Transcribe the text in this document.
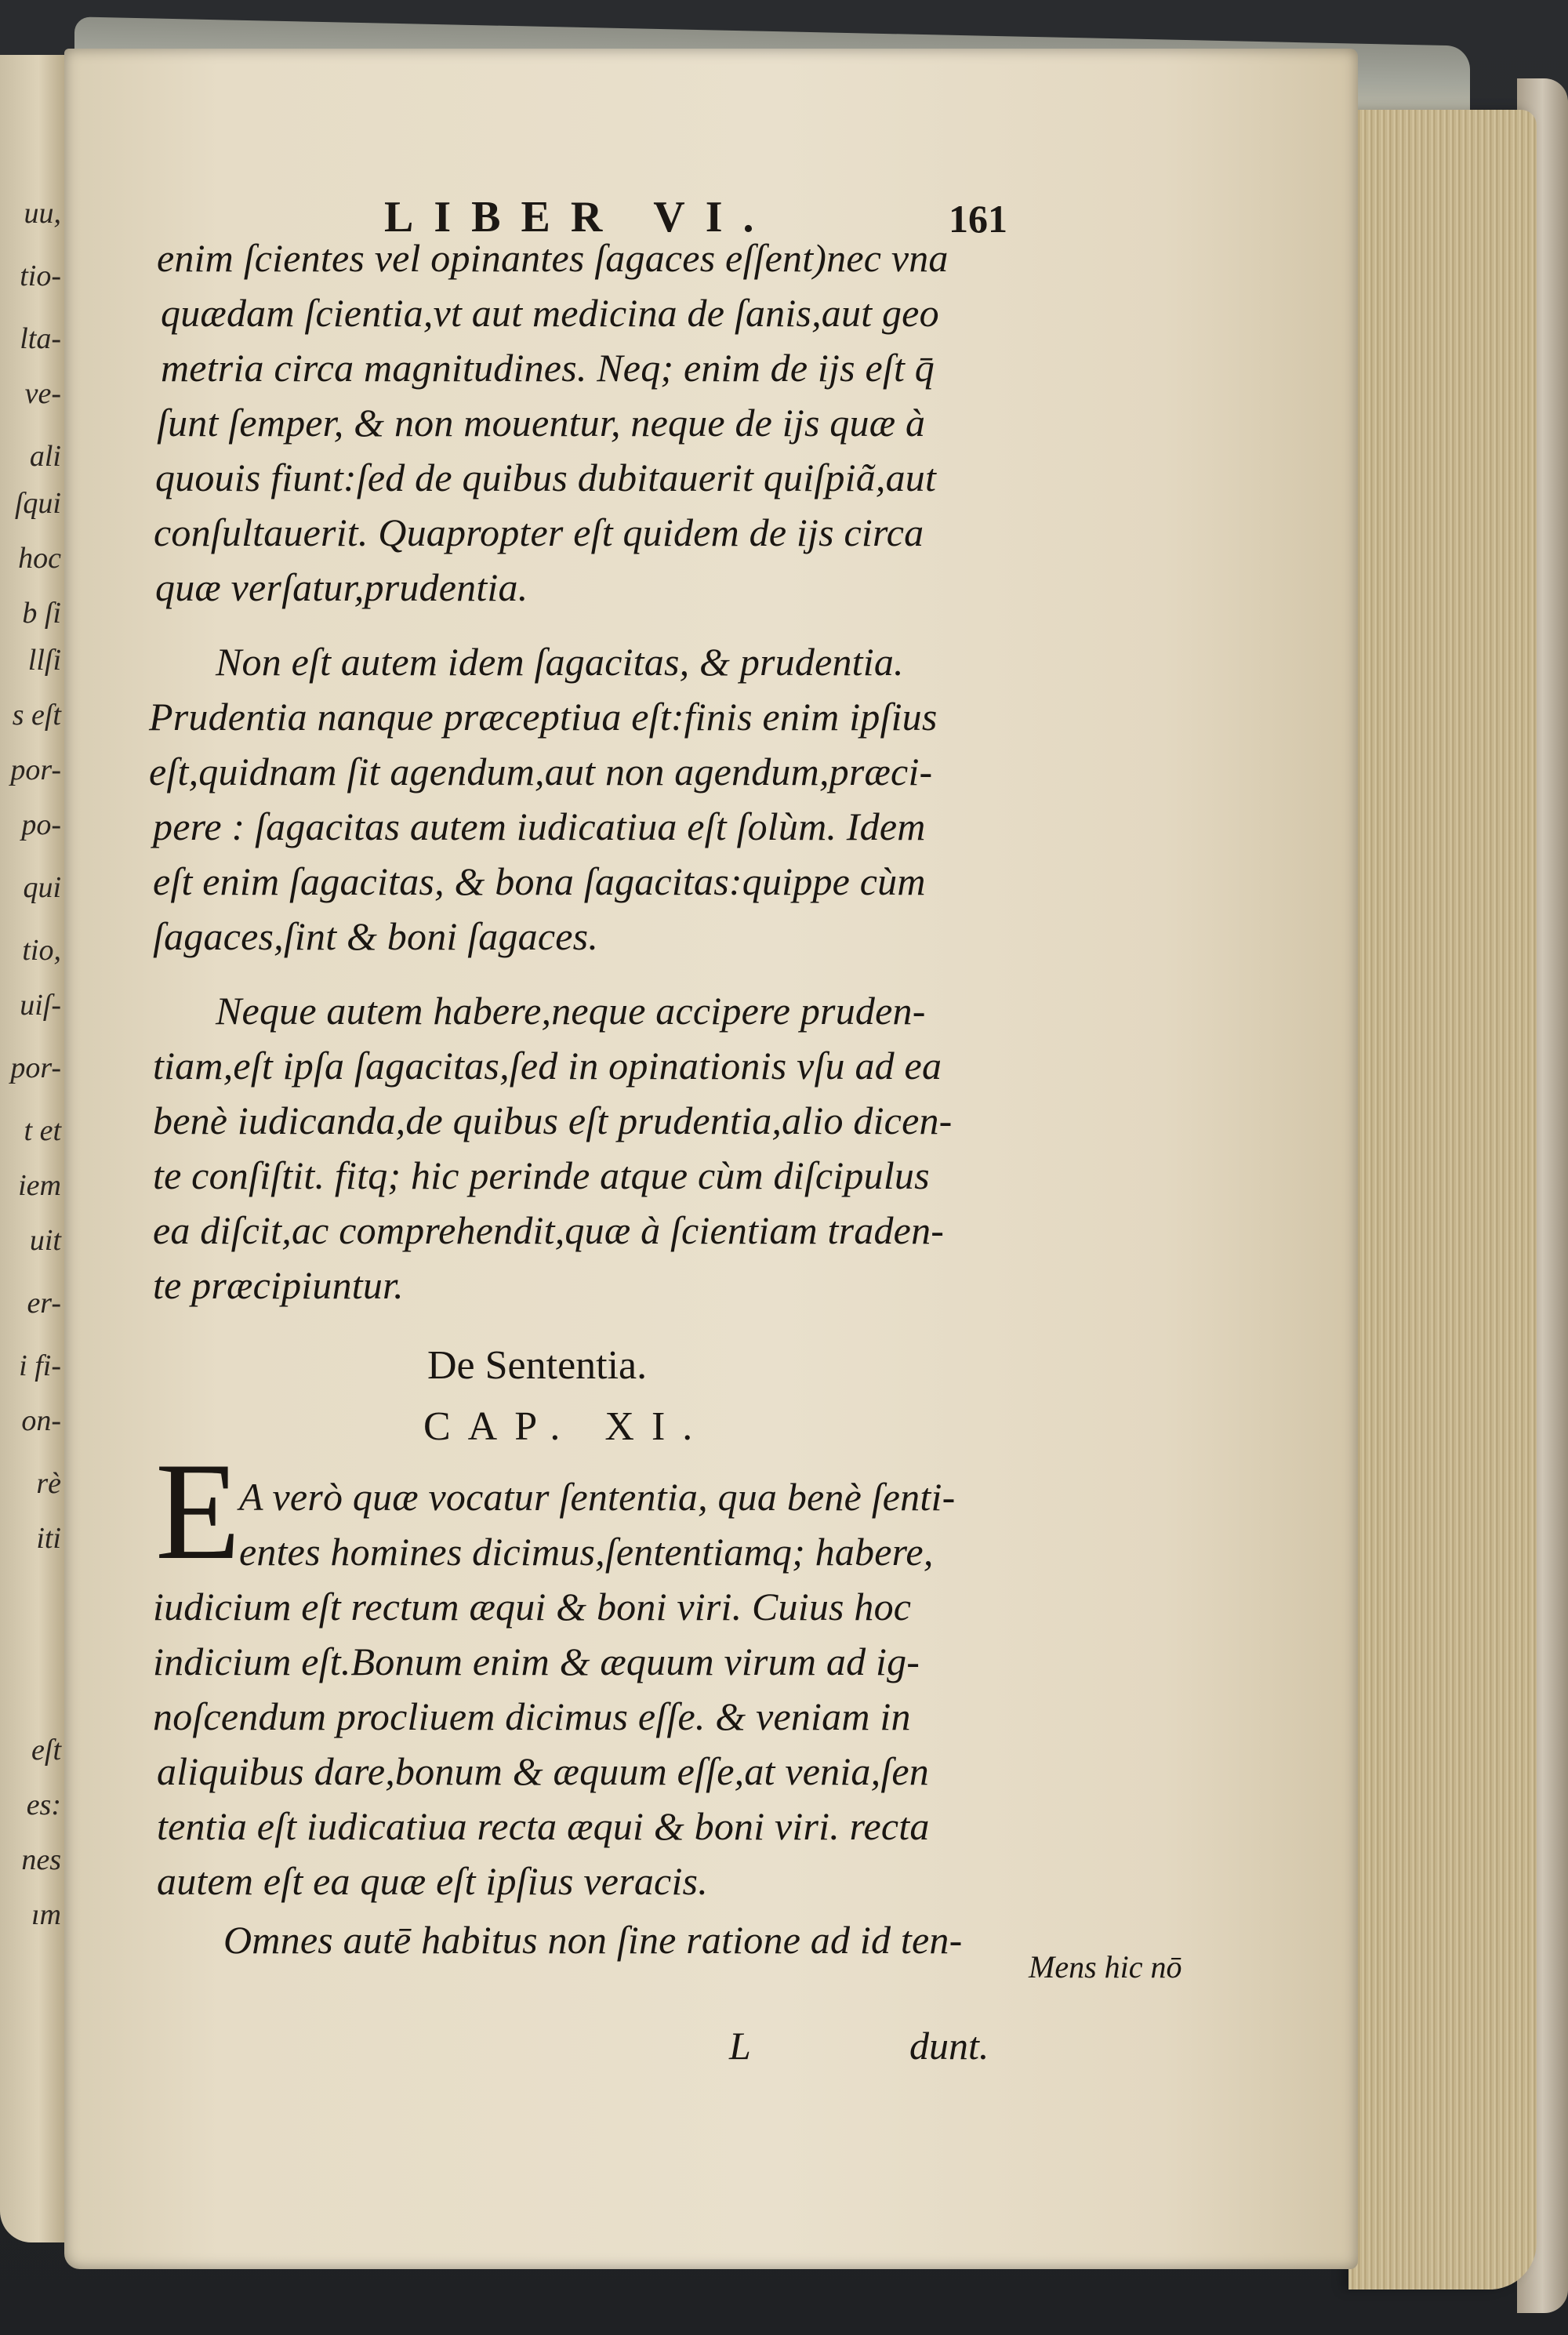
uu,
tio-
lta-
ve-
ali
ſqui
hoc
b ſi
llſi
s eſt
por-
po-
qui
tio,
uiſ-
por-
t et
iem
uit
er-
i fi-
on-
rè
iti
eſt
es:
nes
ım
LIBER VI.	161
enim ſcientes vel opinantes ſagaces eſſent)nec vna
quædam ſcientia,vt aut medicina de ſanis,aut geo
metria circa magnitudines. Neq; enim de ijs eſt q̄
ſunt ſemper, & non mouentur, neque de ijs quæ à
quouis fiunt:ſed de quibus dubitauerit quiſpiã,aut
conſultauerit. Quapropter eſt quidem de ijs circa
quæ verſatur,prudentia.
Non eſt autem idem ſagacitas, & prudentia.
Prudentia nanque præceptiua eſt:finis enim ipſius
eſt,quidnam ſit agendum,aut non agendum,præci-
pere : ſagacitas autem iudicatiua eſt ſolùm. Idem
eſt enim ſagacitas, & bona ſagacitas:quippe cùm
ſagaces,ſint & boni ſagaces.
Neque autem habere,neque accipere pruden-
tiam,eſt ipſa ſagacitas,ſed in opinationis vſu ad ea
benè iudicanda,de quibus eſt prudentia,alio dicen-
te conſiſtit. fitq; hic perinde atque cùm diſcipulus
ea diſcit,ac comprehendit,quæ à ſcientiam traden-
te præcipiuntur.
De Sententia.
CAP. XI.
E
A verò quæ vocatur ſententia, qua benè ſenti-
entes homines dicimus,ſententiamq; habere,
iudicium eſt rectum æqui & boni viri. Cuius hoc
indicium eſt.Bonum enim & æquum virum ad ig-
noſcendum procliuem dicimus eſſe. & veniam in
aliquibus dare,bonum & æquum eſſe,at venia,ſen
tentia eſt iudicatiua recta æqui & boni viri. recta
autem eſt ea quæ eſt ipſius veracis.
Omnes autē habitus non ſine ratione ad id ten-
Mens hic nō
L	dunt.
